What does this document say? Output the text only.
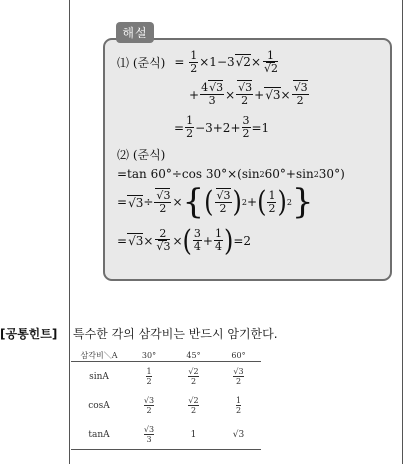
해설
⑴ (준식) = $\frac{1}{2} \times 1-3$ √ 2× 1
√ 2
+ 4 √ 3
3 × √ 3
2 + √ 3 × √ 3
2
= 1
2 −3+2+ 3
2 =1
⑵ (준식)
=tan 60°÷cos 30°×(sin 2 60°+sin 2 30°)
= √ 3 ÷ √ 3
2 × { ( √ 3
2 ) 2 + ( 1
2 ) 2 }
= √ 3 × 2
√ 3 × ( 3
4 + 1
4 ) =2
[공통힌트] 특수한 각의 삼각비는 반드시 암기한다.
삼각비＼A	30°	45°	60°
sinA	$\frac{1}{2}$	$\frac{√2}{2}$	$\frac{√3}{2}$

cosA	$\frac{√3}{2}$	$\frac{√2}{2}$	$\frac{1}{2}$

tanA	$\frac{√3}{3}$	1	√3
